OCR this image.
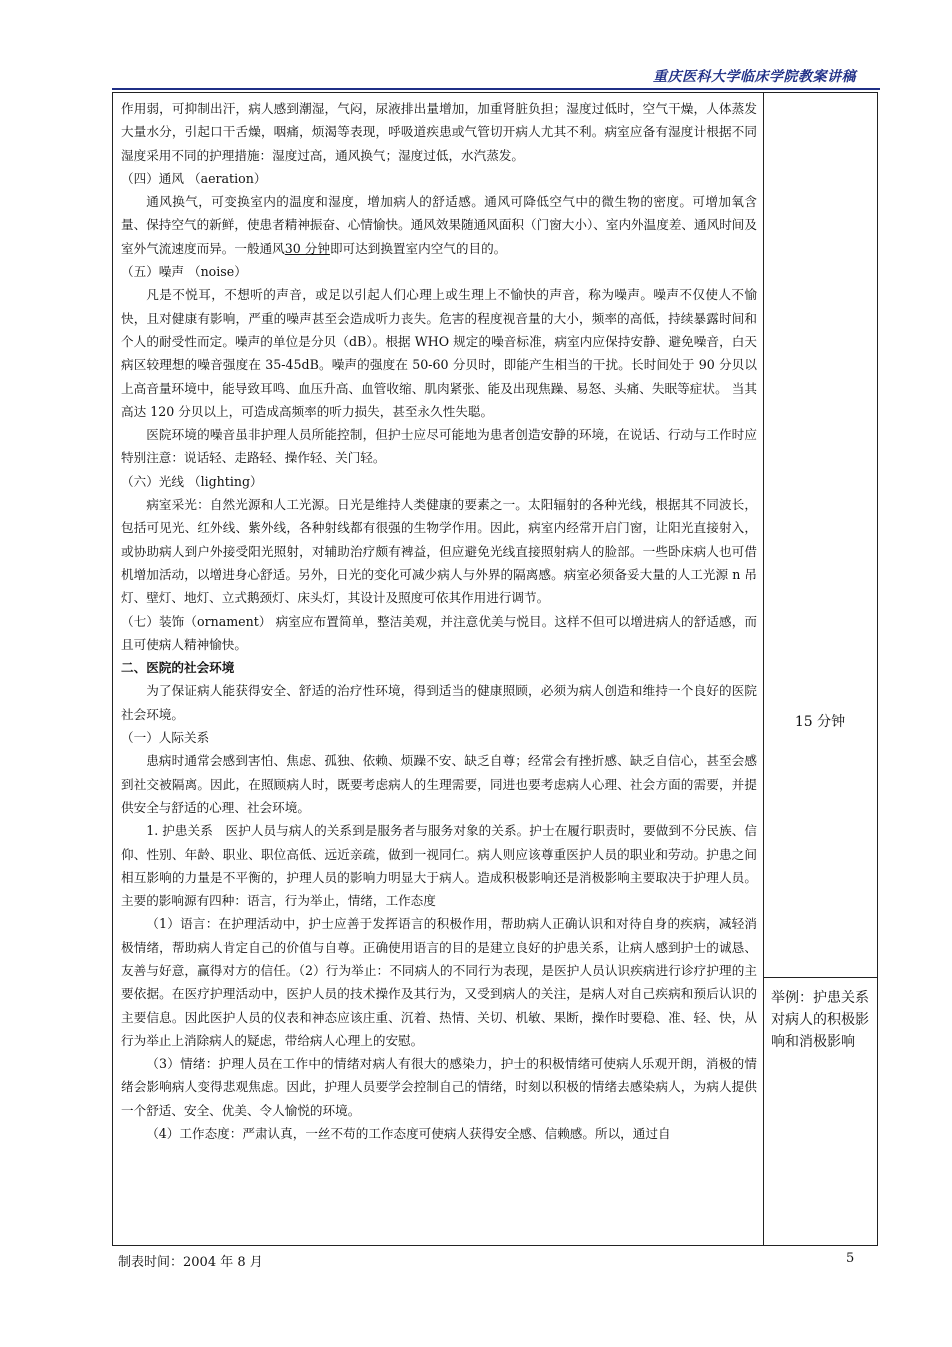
重庆医科大学临床学院教案讲稿

作用弱，可抑制出汗，病人感到潮湿，气闷，尿液排出量增加，加重肾脏负担；湿度过低时，空气干燥，人体蒸发大量水分，引起口干舌燥，咽痛，烦渴等表现，呼吸道疾患或气管切开病人尤其不利。病室应备有湿度计根据不同湿度采用不同的护理措施：湿度过高，通风换气；湿度过低，水汽蒸发。

（四）通风 （aeration）

通风换气，可变换室内的温度和湿度，增加病人的舒适感。通风可降低空气中的微生物的密度。可增加氧含量、保持空气的新鲜，使患者精神振奋、心情愉快。通风效果随通风面积（门窗大小）、室内外温度差、通风时间及室外气流速度而异。一般通风30 分钟即可达到换置室内空气的目的。

（五）噪声 （noise）

凡是不悦耳，不想听的声音，或足以引起人们心理上或生理上不愉快的声音，称为噪声。噪声不仅使人不愉快，且对健康有影响，严重的噪声甚至会造成听力丧失。危害的程度视音量的大小，频率的高低，持续暴露时间和个人的耐受性而定。噪声的单位是分贝（dB）。根据 WHO 规定的噪音标准，病室内应保持安静、避免噪音，白天病区较理想的噪音强度在 35-45dB。噪声的强度在 50-60 分贝时，即能产生相当的干扰。长时间处于 90 分贝以上高音量环境中，能导致耳鸣、血压升高、血管收缩、肌肉紧张、能及出现焦躁、易怒、头痛、失眠等症状。 当其高达 120 分贝以上，可造成高频率的听力损失，甚至永久性失聪。

医院环境的噪音虽非护理人员所能控制，但护士应尽可能地为患者创造安静的环境，在说话、行动与工作时应特别注意：说话轻、走路轻、操作轻、关门轻。

（六）光线 （lighting）

病室采光：自然光源和人工光源。日光是维持人类健康的要素之一。太阳辐射的各种光线，根据其不同波长，包括可见光、红外线、紫外线，各种射线都有很强的生物学作用。因此，病室内经常开启门窗，让阳光直接射入，或协助病人到户外接受阳光照射，对辅助治疗颇有裨益，但应避免光线直接照射病人的脸部。一些卧床病人也可借机增加活动，以增进身心舒适。另外，日光的变化可减少病人与外界的隔离感。病室必须备妥大量的人工光源 n 吊灯、壁灯、地灯、立式鹅颈灯、床头灯，其设计及照度可依其作用进行调节。

（七）装饰（ornament） 病室应布置简单，整洁美观，并注意优美与悦目。这样不但可以增进病人的舒适感，而且可使病人精神愉快。

二、医院的社会环境

为了保证病人能获得安全、舒适的治疗性环境，得到适当的健康照顾，必须为病人创造和维持一个良好的医院社会环境。

（一）人际关系

患病时通常会感到害怕、焦虑、孤独、依赖、烦躁不安、缺乏自尊；经常会有挫折感、缺乏自信心，甚至会感到社交被隔离。因此，在照顾病人时，既要考虑病人的生理需要，同进也要考虑病人心理、社会方面的需要，并提供安全与舒适的心理、社会环境。

1. 护患关系　医护人员与病人的关系到是服务者与服务对象的关系。护士在履行职责时，要做到不分民族、信仰、性别、年龄、职业、职位高低、远近亲疏，做到一视同仁。病人则应该尊重医护人员的职业和劳动。护患之间相互影响的力量是不平衡的，护理人员的影响力明显大于病人。造成积极影响还是消极影响主要取决于护理人员。主要的影响源有四种：语言，行为举止，情绪，工作态度

（1）语言：在护理活动中，护士应善于发挥语言的积极作用，帮助病人正确认识和对待自身的疾病，减轻消极情绪，帮助病人肯定自己的价值与自尊。正确使用语言的目的是建立良好的护患关系，让病人感到护士的诚恳、友善与好意，赢得对方的信任。（2）行为举止：不同病人的不同行为表现，是医护人员认识疾病进行诊疗护理的主要依据。在医疗护理活动中，医护人员的技术操作及其行为，又受到病人的关注，是病人对自己疾病和预后认识的主要信息。因此医护人员的仪表和神态应该庄重、沉着、热情、关切、机敏、果断，操作时要稳、准、轻、快，从行为举止上消除病人的疑虑，带给病人心理上的安慰。

（3）情绪：护理人员在工作中的情绪对病人有很大的感染力，护士的积极情绪可使病人乐观开朗，消极的情绪会影响病人变得悲观焦虑。因此，护理人员要学会控制自己的情绪，时刻以积极的情绪去感染病人，为病人提供一个舒适、安全、优美、令人愉悦的环境。

（4）工作态度：严肃认真，一丝不苟的工作态度可使病人获得安全感、信赖感。所以，通过自

15 分钟
举例：护患关系对病人的积极影响和消极影响
制表时间：2004 年 8 月	5
